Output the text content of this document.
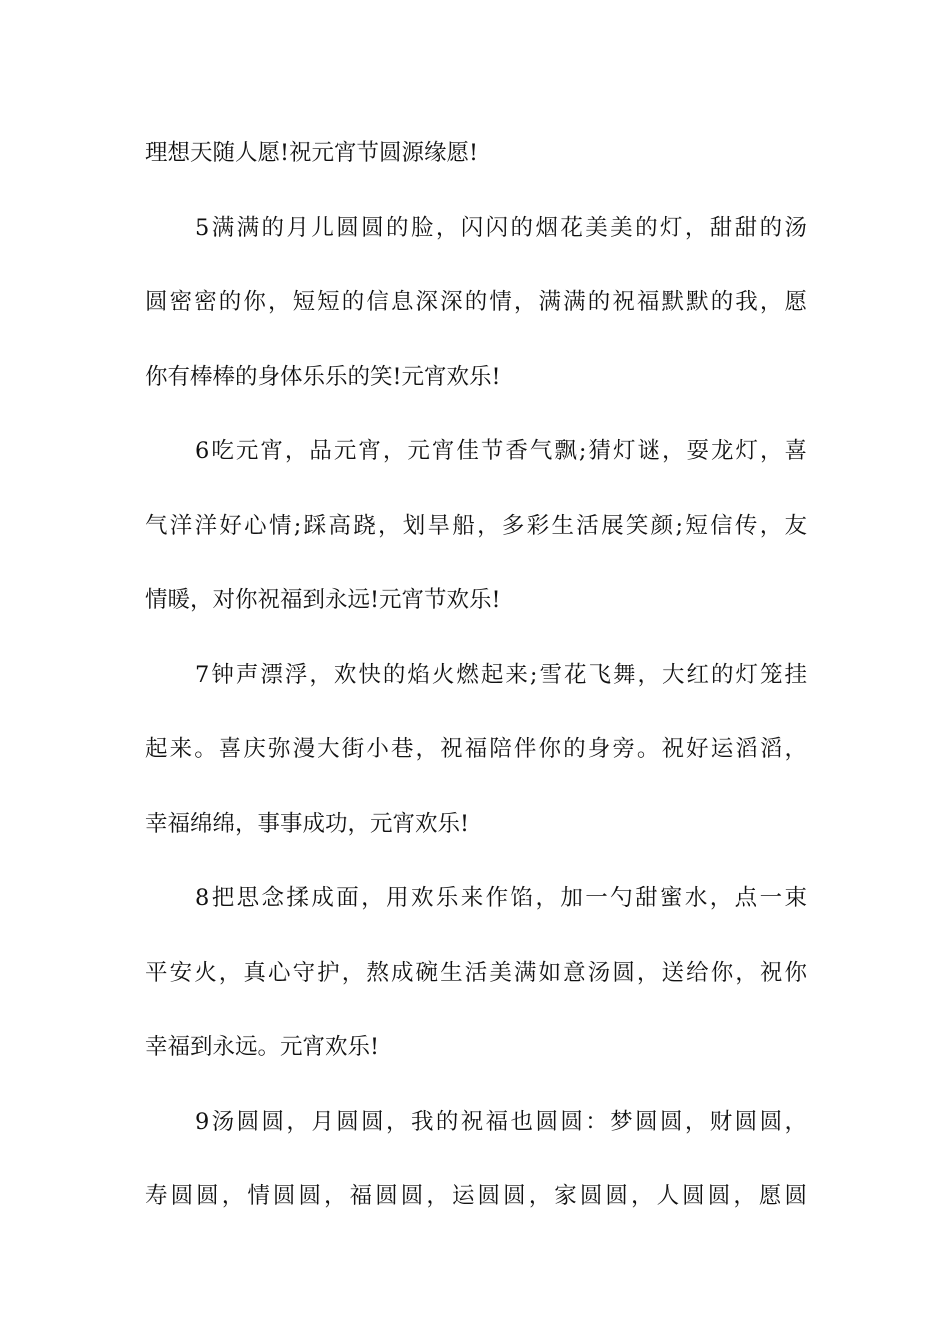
理想天随人愿!祝元宵节圆源缘愿!
5满满的月儿圆圆的脸，闪闪的烟花美美的灯，甜甜的汤
圆密密的你，短短的信息深深的情，满满的祝福默默的我，愿
你有棒棒的身体乐乐的笑!元宵欢乐!
6吃元宵，品元宵，元宵佳节香气飘;猜灯谜，耍龙灯，喜
气洋洋好心情;踩高跷，划旱船，多彩生活展笑颜;短信传，友
情暖，对你祝福到永远!元宵节欢乐!
7钟声漂浮，欢快的焰火燃起来;雪花飞舞，大红的灯笼挂
起来。喜庆弥漫大街小巷，祝福陪伴你的身旁。祝好运滔滔，
幸福绵绵，事事成功，元宵欢乐!
8把思念揉成面，用欢乐来作馅，加一勺甜蜜水，点一束
平安火，真心守护，熬成碗生活美满如意汤圆，送给你，祝你
幸福到永远。元宵欢乐!
9汤圆圆，月圆圆，我的祝福也圆圆：梦圆圆，财圆圆，
寿圆圆，情圆圆，福圆圆，运圆圆，家圆圆，人圆圆，愿圆
